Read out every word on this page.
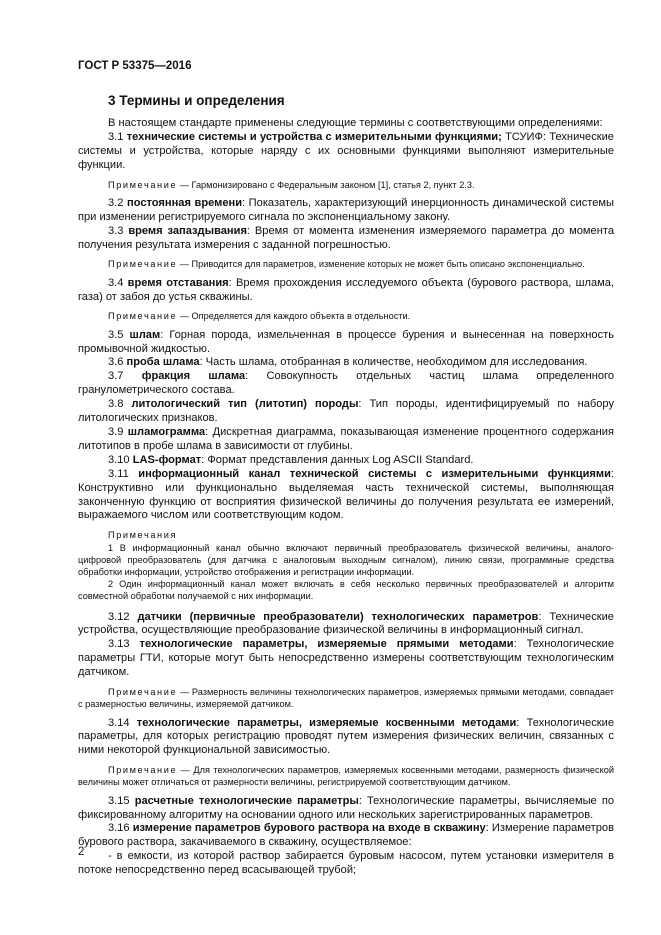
ГОСТ Р 53375—2016
3 Термины и определения

В настоящем стандарте применены следующие термины с соответствующими определениями:

3.1 технические системы и устройства с измерительными функциями; ТСУИФ: Технические системы и устройства, которые наряду с их основными функциями выполняют измерительные функции.

Примечание — Гармонизировано с Федеральным законом [1], статья 2, пункт 2.3.

3.2 постоянная времени: Показатель, характеризующий инерционность динамической системы при изменении регистрируемого сигнала по экспоненциальному закону.

3.3 время запаздывания: Время от момента изменения измеряемого параметра до момента получения результата измерения с заданной погрешностью.

Примечание — Приводится для параметров, изменение которых не может быть описано экспоненциально.

3.4 время отставания: Время прохождения исследуемого объекта (бурового раствора, шлама, газа) от забоя до устья скважины.

Примечание — Определяется для каждого объекта в отдельности.

3.5 шлам: Горная порода, измельченная в процессе бурения и вынесенная на поверхность промывочной жидкостью.

3.6 проба шлама: Часть шлама, отобранная в количестве, необходимом для исследования.

3.7 фракция шлама: Совокупность отдельных частиц шлама определенного гранулометрического состава.

3.8 литологический тип (литотип) породы: Тип породы, идентифицируемый по набору литологических признаков.

3.9 шламограмма: Дискретная диаграмма, показывающая изменение процентного содержания литотипов в пробе шлама в зависимости от глубины.

3.10 LAS-формат: Формат представления данных Log ASCII Standard.

3.11 информационный канал технической системы с измерительными функциями: Конструктивно или функционально выделяемая часть технической системы, выполняющая законченную функцию от восприятия физической величины до получения результата ее измерений, выражаемого числом или соответствующим кодом.

Примечания

1 В информационный канал обычно включают первичный преобразователь физической величины, аналого-цифровой преобразователь (для датчика с аналоговым выходным сигналом), линию связи, программные средства обработки информации, устройство отображения и регистрации информации.

2 Один информационный канал может включать в себя несколько первичных преобразователей и алгоритм совместной обработки получаемой с них информации.

3.12 датчики (первичные преобразователи) технологических параметров: Технические устройства, осуществляющие преобразование физической величины в информационный сигнал.

3.13 технологические параметры, измеряемые прямыми методами: Технологические параметры ГТИ, которые могут быть непосредственно измерены соответствующим технологическим датчиком.

Примечание — Размерность величины технологических параметров, измеряемых прямыми методами, совпадает с размерностью величины, измеряемой датчиком.

3.14 технологические параметры, измеряемые косвенными методами: Технологические параметры, для которых регистрацию проводят путем измерения физических величин, связанных с ними некоторой функциональной зависимостью.

Примечание — Для технологических параметров, измеряемых косвенными методами, размерность физической величины может отличаться от размерности величины, регистрируемой соответствующим датчиком.

3.15 расчетные технологические параметры: Технологические параметры, вычисляемые по фиксированному алгоритму на основании одного или нескольких зарегистрированных параметров.

3.16 измерение параметров бурового раствора на входе в скважину: Измерение параметров бурового раствора, закачиваемого в скважину, осуществляемое:

- в емкости, из которой раствор забирается буровым насосом, путем установки измерителя в потоке непосредственно перед всасывающей трубой;

2
